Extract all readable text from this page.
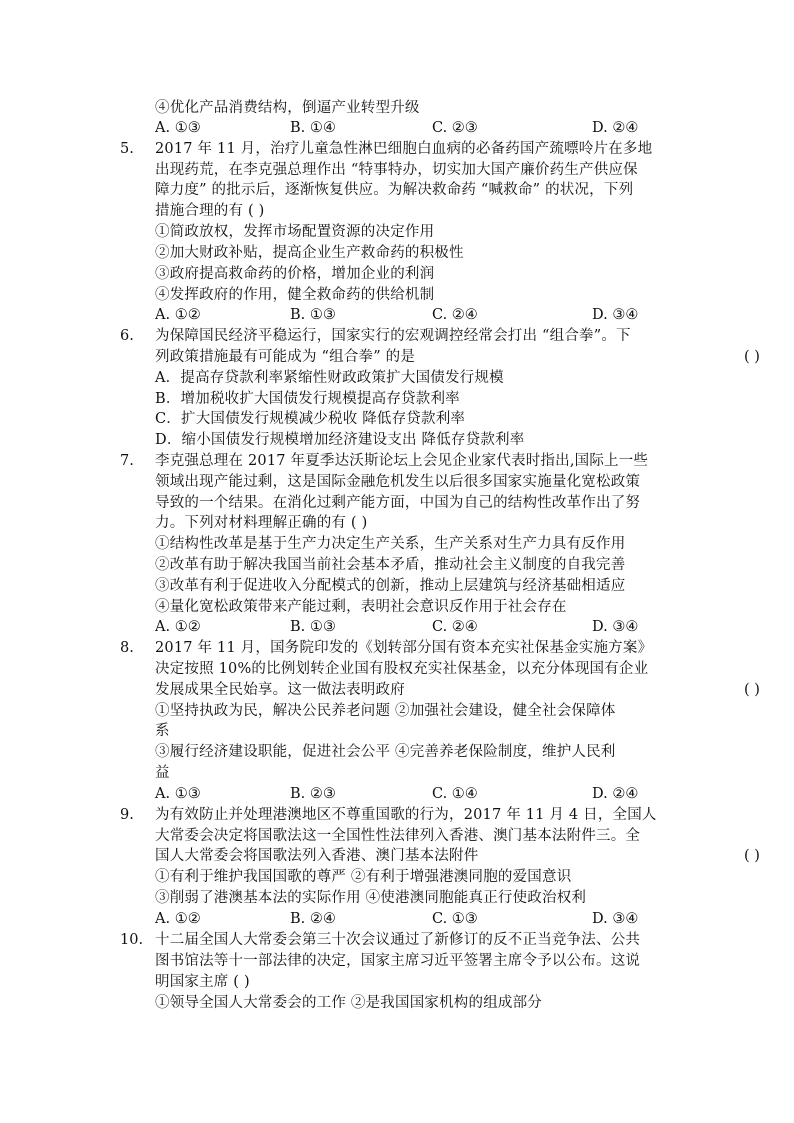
④优化产品消费结构，倒逼产业转型升级
A. ①③	B. ①④	C. ②③	D. ②④
5. 2017 年 11 月，治疗儿童急性淋巴细胞白血病的必备药国产巯嘌呤片在多地
出现药荒，在李克强总理作出 “特事特办，切实加大国产廉价药生产供应保
障力度” 的批示后，逐渐恢复供应。为解决救命药 “喊救命” 的状况，下列
措施合理的有 ( )
①简政放权，发挥市场配置资源的决定作用
②加大财政补贴，提高企业生产救命药的积极性
③政府提高救命药的价格，增加企业的利润
④发挥政府的作用，健全救命药的供给机制
A. ①②	B. ①③	C. ②④	D. ③④
6. 为保障国民经济平稳运行，国家实行的宏观调控经常会打出 “组合拳”。下
( )
列政策措施最有可能成为 “组合拳” 的是
A．提高存贷款利率紧缩性财政政策扩大国债发行规模
B．增加税收扩大国债发行规模提高存贷款利率
C．扩大国债发行规模减少税收 降低存贷款利率
D．缩小国债发行规模增加经济建设支出 降低存贷款利率
7. 李克强总理在 2017 年夏季达沃斯论坛上会见企业家代表时指出,国际上一些
领域出现产能过剩，这是国际金融危机发生以后很多国家实施量化宽松政策
导致的一个结果。在消化过剩产能方面，中国为自己的结构性改革作出了努
力。下列对材料理解正确的有 ( )
①结构性改革是基于生产力决定生产关系，生产关系对生产力具有反作用
②改革有助于解决我国当前社会基本矛盾，推动社会主义制度的自我完善
③改革有利于促进收入分配模式的创新，推动上层建筑与经济基础相适应
④量化宽松政策带来产能过剩，表明社会意识反作用于社会存在
A. ①②	B. ①③	C. ②④	D. ③④
8. 2017 年 11 月，国务院印发的《划转部分国有资本充实社保基金实施方案》
决定按照 10%的比例划转企业国有股权充实社保基金，以充分体现国有企业
( )
发展成果全民始享。这一做法表明政府
①坚持执政为民，解决公民养老问题 ②加强社会建设，健全社会保障体
系
③履行经济建设职能，促进社会公平 ④完善养老保险制度，维护人民利
益
A. ①③	B. ②③	C. ①④	D. ②④
9. 为有效防止并处理港澳地区不尊重国歌的行为，2017 年 11 月 4 日，全国人
大常委会决定将国歌法这一全国性性法律列入香港、澳门基本法附件三。全
( )
国人大常委会将国歌法列入香港、澳门基本法附件
①有利于维护我国国歌的尊严 ②有利于增强港澳同胞的爱国意识
③削弱了港澳基本法的实际作用 ④使港澳同胞能真正行使政治权利
A. ①②	B. ②④	C. ①③	D. ③④
10. 十二届全国人大常委会第三十次会议通过了新修订的反不正当竞争法、公共
图书馆法等十一部法律的决定，国家主席习近平签署主席令予以公布。这说
明国家主席 ( )
①领导全国人大常委会的工作 ②是我国国家机构的组成部分
